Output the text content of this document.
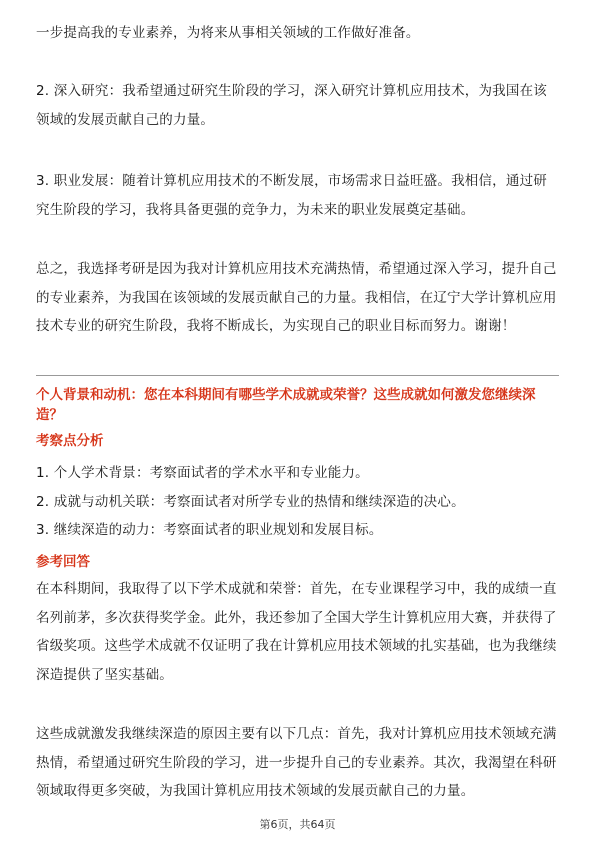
一步提高我的专业素养，为将来从事相关领域的工作做好准备。

2. 深入研究：我希望通过研究生阶段的学习，深入研究计算机应用技术，为我国在该领域的发展贡献自己的力量。

3. 职业发展：随着计算机应用技术的不断发展，市场需求日益旺盛。我相信，通过研究生阶段的学习，我将具备更强的竞争力，为未来的职业发展奠定基础。

总之，我选择考研是因为我对计算机应用技术充满热情，希望通过深入学习，提升自己的专业素养，为我国在该领域的发展贡献自己的力量。我相信，在辽宁大学计算机应用技术专业的研究生阶段，我将不断成长，为实现自己的职业目标而努力。谢谢！

个人背景和动机：您在本科期间有哪些学术成就或荣誉？这些成就如何激发您继续深造？
考察点分析

1. 个人学术背景：考察面试者的学术水平和专业能力。

2. 成就与动机关联：考察面试者对所学专业的热情和继续深造的决心。

3. 继续深造的动力：考察面试者的职业规划和发展目标。

参考回答

在本科期间，我取得了以下学术成就和荣誉：首先，在专业课程学习中，我的成绩一直名列前茅，多次获得奖学金。此外，我还参加了全国大学生计算机应用大赛，并获得了省级奖项。这些学术成就不仅证明了我在计算机应用技术领域的扎实基础，也为我继续深造提供了坚实基础。

这些成就激发我继续深造的原因主要有以下几点：首先，我对计算机应用技术领域充满热情，希望通过研究生阶段的学习，进一步提升自己的专业素养。其次，我渴望在科研领域取得更多突破，为我国计算机应用技术领域的发展贡献自己的力量。

第6页，共64页
